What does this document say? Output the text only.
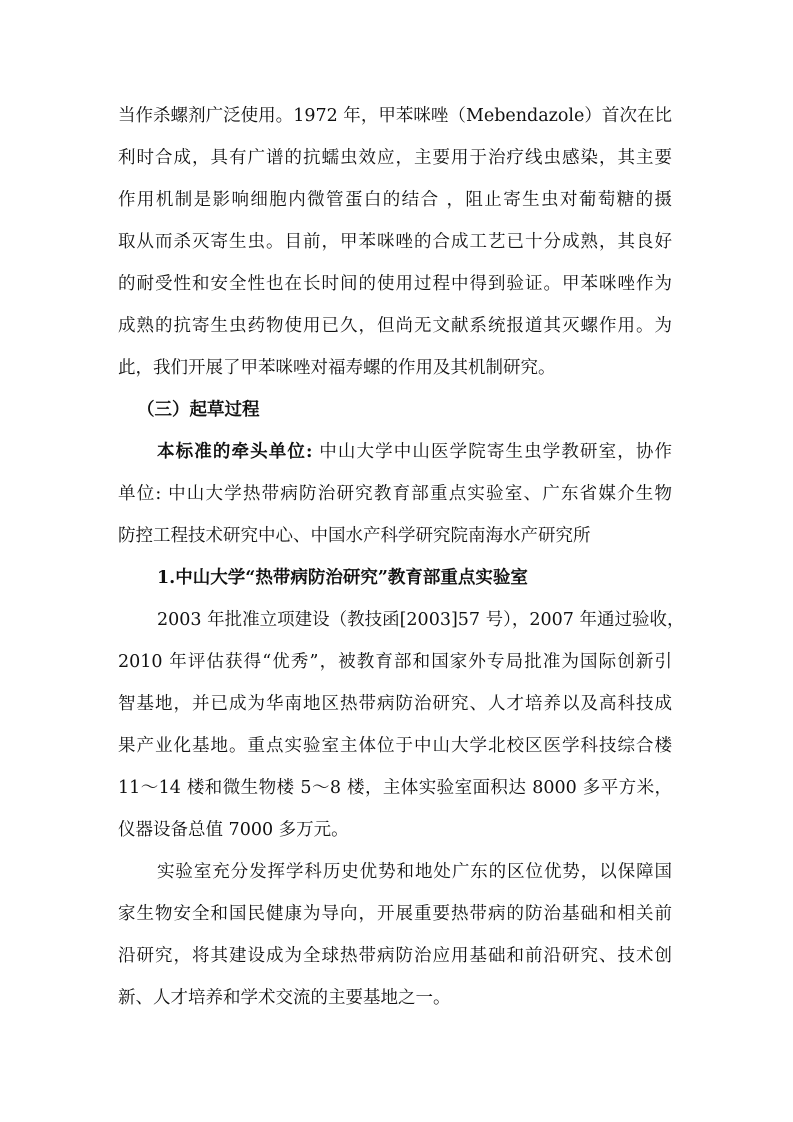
当作杀螺剂广泛使用。1972 年，甲苯咪唑（Mebendazole）首次在比
利时合成，具有广谱的抗蠕虫效应，主要用于治疗线虫感染，其主要
作用机制是影响细胞内微管蛋白的结合 ，阻止寄生虫对葡萄糖的摄
取从而杀灭寄生虫。目前，甲苯咪唑的合成工艺已十分成熟，其良好
的耐受性和安全性也在长时间的使用过程中得到验证。甲苯咪唑作为
成熟的抗寄生虫药物使用已久，但尚无文献系统报道其灭螺作用。为
此，我们开展了甲苯咪唑对福寿螺的作用及其机制研究。
（三）起草过程
本标准的牵头单位: 中山大学中山医学院寄生虫学教研室，协作
单位: 中山大学热带病防治研究教育部重点实验室、广东省媒介生物
防控工程技术研究中心、中国水产科学研究院南海水产研究所
1.中山大学“热带病防治研究”教育部重点实验室
2003 年批准立项建设（教技函[2003]57 号），2007 年通过验收，
2010 年评估获得“优秀”，被教育部和国家外专局批准为国际创新引
智基地，并已成为华南地区热带病防治研究、人才培养以及高科技成
果产业化基地。重点实验室主体位于中山大学北校区医学科技综合楼
11～14 楼和微生物楼 5～8 楼，主体实验室面积达 8000 多平方米，
仪器设备总值 7000 多万元。
实验室充分发挥学科历史优势和地处广东的区位优势，以保障国
家生物安全和国民健康为导向，开展重要热带病的防治基础和相关前
沿研究，将其建设成为全球热带病防治应用基础和前沿研究、技术创
新、人才培养和学术交流的主要基地之一。
